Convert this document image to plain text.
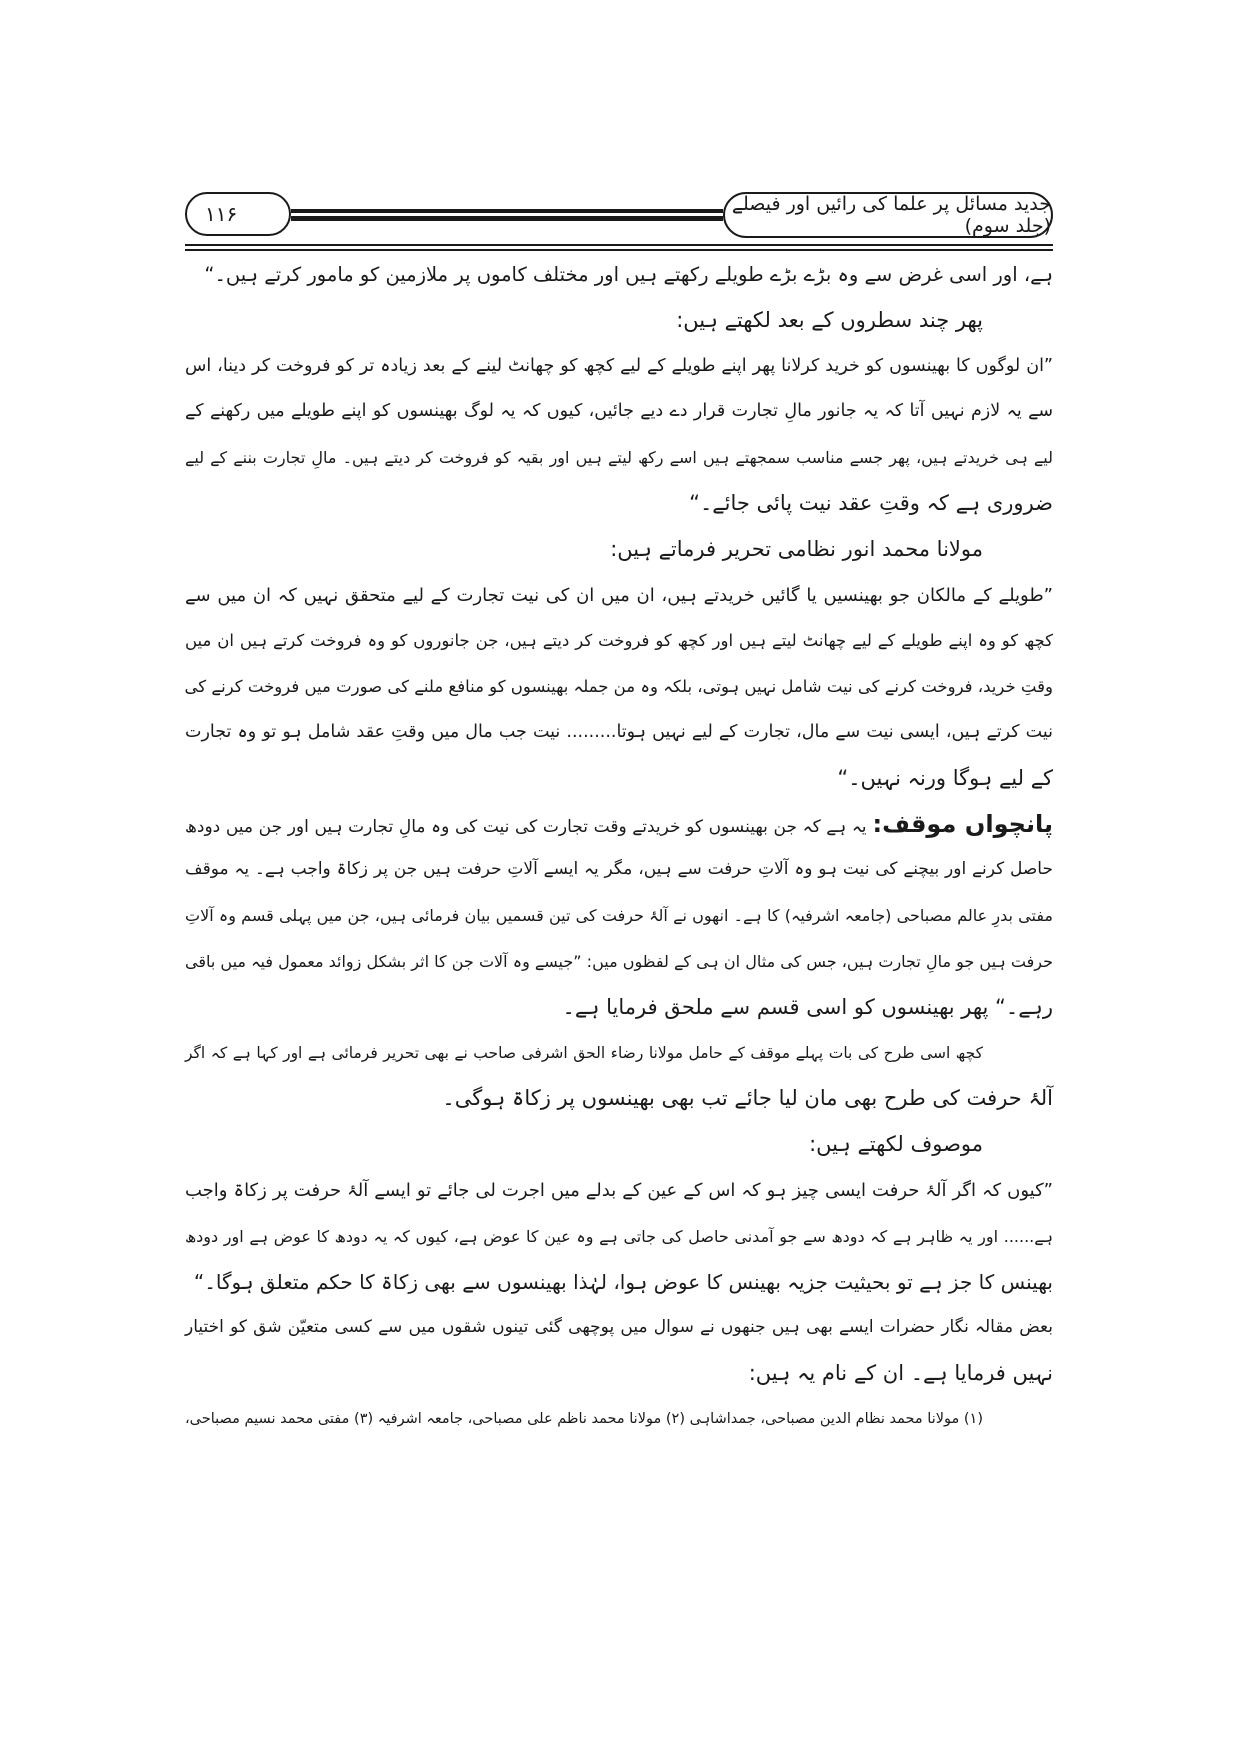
۱۱۶	جدید مسائل پر علما کی رائیں اور فیصلے (جلد سوم)
ہے، اور اسی غرض سے وہ بڑے بڑے طویلے رکھتے ہیں اور مختلف کاموں پر ملازمین کو مامور کرتے ہیں۔“
پھر چند سطروں کے بعد لکھتے ہیں:
”ان لوگوں کا بھینسوں کو خرید کرلانا پھر اپنے طویلے کے لیے کچھ کو چھانٹ لینے کے بعد زیادہ تر کو فروخت کر دینا، اس
سے یہ لازم نہیں آتا کہ یہ جانور مالِ تجارت قرار دے دیے جائیں، کیوں کہ یہ لوگ بھینسوں کو اپنے طویلے میں رکھنے کے
لیے ہی خریدتے ہیں، پھر جسے مناسب سمجھتے ہیں اسے رکھ لیتے ہیں اور بقیہ کو فروخت کر دیتے ہیں۔ مالِ تجارت بننے کے لیے
ضروری ہے کہ وقتِ عقد نیت پائی جائے۔“
مولانا محمد انور نظامی تحریر فرماتے ہیں:
”طویلے کے مالکان جو بھینسیں یا گائیں خریدتے ہیں، ان میں ان کی نیت تجارت کے لیے متحقق نہیں کہ ان میں سے
کچھ کو وہ اپنے طویلے کے لیے چھانٹ لیتے ہیں اور کچھ کو فروخت کر دیتے ہیں، جن جانوروں کو وہ فروخت کرتے ہیں ان میں
وقتِ خرید، فروخت کرنے کی نیت شامل نہیں ہوتی، بلکہ وہ من جملہ بھینسوں کو منافع ملنے کی صورت میں فروخت کرنے کی
نیت کرتے ہیں، ایسی نیت سے مال، تجارت کے لیے نہیں ہوتا......... نیت جب مال میں وقتِ عقد شامل ہو تو وہ تجارت
کے لیے ہوگا ورنہ نہیں۔“
پانچواں موقف:یہ ہے کہ جن بھینسوں کو خریدتے وقت تجارت کی نیت کی وہ مالِ تجارت ہیں اور جن میں دودھ
حاصل کرنے اور بیچنے کی نیت ہو وہ آلاتِ حرفت سے ہیں، مگر یہ ایسے آلاتِ حرفت ہیں جن پر زکاۃ واجب ہے۔ یہ موقف
مفتی بدرِ عالم مصباحی (جامعہ اشرفیہ) کا ہے۔ انھوں نے آلۂ حرفت کی تین قسمیں بیان فرمائی ہیں، جن میں پہلی قسم وہ آلاتِ
حرفت ہیں جو مالِ تجارت ہیں، جس کی مثال ان ہی کے لفظوں میں: ”جیسے وہ آلات جن کا اثر بشکل زوائد معمول فیہ میں باقی
رہے۔“ پھر بھینسوں کو اسی قسم سے ملحق فرمایا ہے۔
کچھ اسی طرح کی بات پہلے موقف کے حامل مولانا رضاء الحق اشرفی صاحب نے بھی تحریر فرمائی ہے اور کہا ہے کہ اگر
آلۂ حرفت کی طرح بھی مان لیا جائے تب بھی بھینسوں پر زکاۃ ہوگی۔
موصوف لکھتے ہیں:
”کیوں کہ اگر آلۂ حرفت ایسی چیز ہو کہ اس کے عین کے بدلے میں اجرت لی جائے تو ایسے آلۂ حرفت پر زکاۃ واجب
ہے...... اور یہ ظاہر ہے کہ دودھ سے جو آمدنی حاصل کی جاتی ہے وہ عین کا عوض ہے، کیوں کہ یہ دودھ کا عوض ہے اور دودھ
بھینس کا جز ہے تو بحیثیت جزیہ بھینس کا عوض ہوا، لہٰذا بھینسوں سے بھی زکاۃ کا حکم متعلق ہوگا۔“
بعض مقالہ نگار حضرات ایسے بھی ہیں جنھوں نے سوال میں پوچھی گئی تینوں شقوں میں سے کسی متعیّن شق کو اختیار
نہیں فرمایا ہے۔ ان کے نام یہ ہیں:
(۱) مولانا محمد نظام الدین مصباحی، جمداشاہی (۲) مولانا محمد ناظم علی مصباحی، جامعہ اشرفیہ (۳) مفتی محمد نسیم مصباحی،
